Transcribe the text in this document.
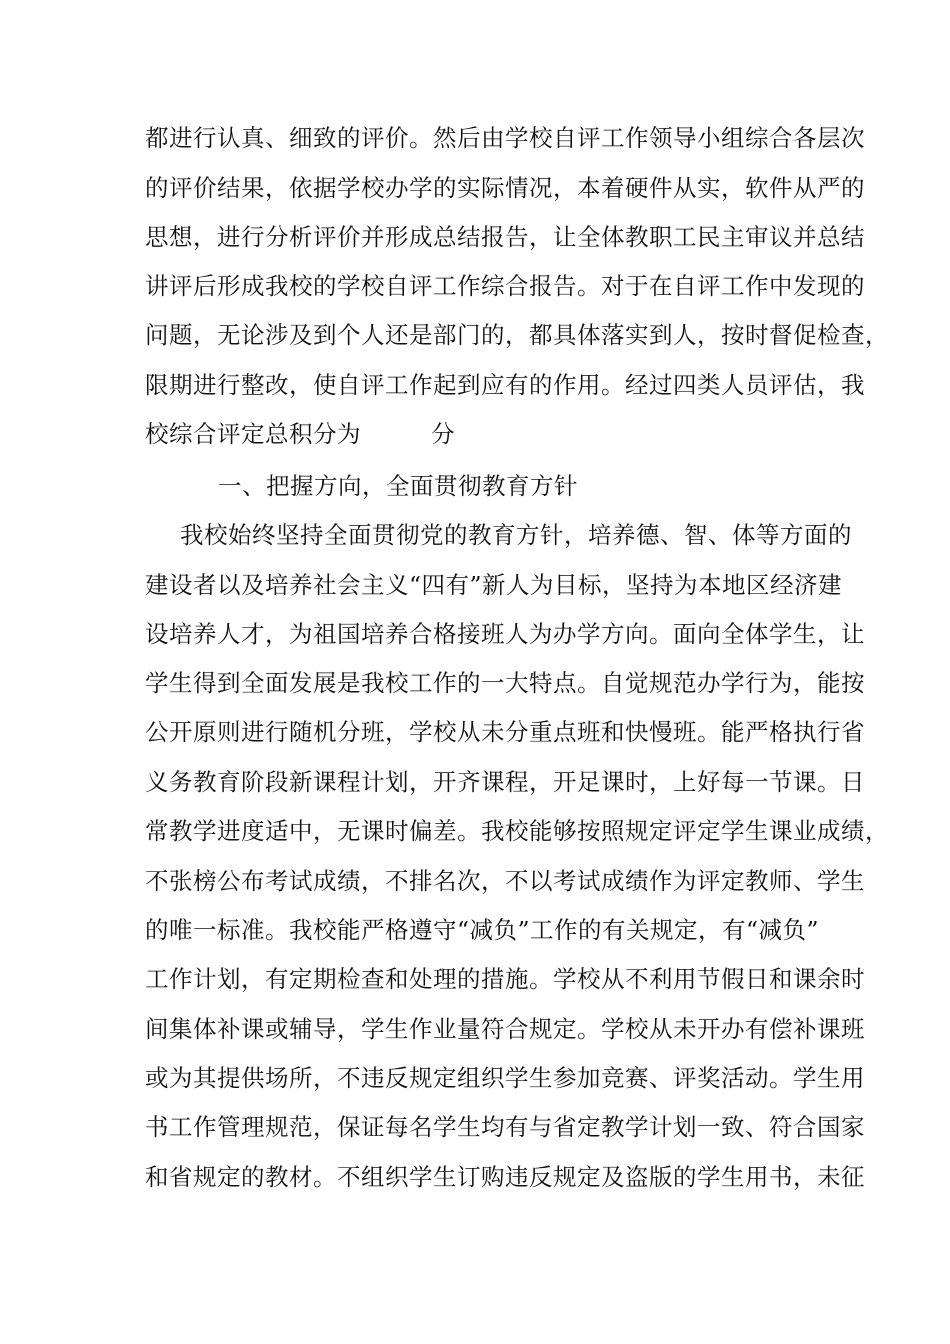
都进行认真、细致的评价。然后由学校自评工作领导小组综合各层次
的评价结果，依据学校办学的实际情况，本着硬件从实，软件从严的
思想，进行分析评价并形成总结报告，让全体教职工民主审议并总结
讲评后形成我校的学校自评工作综合报告。对于在自评工作中发现的
问题，无论涉及到个人还是部门的，都具体落实到人，按时督促检查，
限期进行整改，使自评工作起到应有的作用。经过四类人员评估，我
校综合评定总积分为	分
一、把握方向，全面贯彻教育方针
我校始终坚持全面贯彻党的教育方针，培养德、智、体等方面的
建设者以及培养社会主义“四有”新人为目标，坚持为本地区经济建
设培养人才，为祖国培养合格接班人为办学方向。面向全体学生，让
学生得到全面发展是我校工作的一大特点。自觉规范办学行为，能按
公开原则进行随机分班，学校从未分重点班和快慢班。能严格执行省
义务教育阶段新课程计划，开齐课程，开足课时，上好每一节课。日
常教学进度适中，无课时偏差。我校能够按照规定评定学生课业成绩，
不张榜公布考试成绩，不排名次，不以考试成绩作为评定教师、学生
的唯一标准。我校能严格遵守“减负”工作的有关规定，有“减负”
工作计划，有定期检查和处理的措施。学校从不利用节假日和课余时
间集体补课或辅导，学生作业量符合规定。学校从未开办有偿补课班
或为其提供场所，不违反规定组织学生参加竞赛、评奖活动。学生用
书工作管理规范，保证每名学生均有与省定教学计划一致、符合国家
和省规定的教材。不组织学生订购违反规定及盗版的学生用书，未征
